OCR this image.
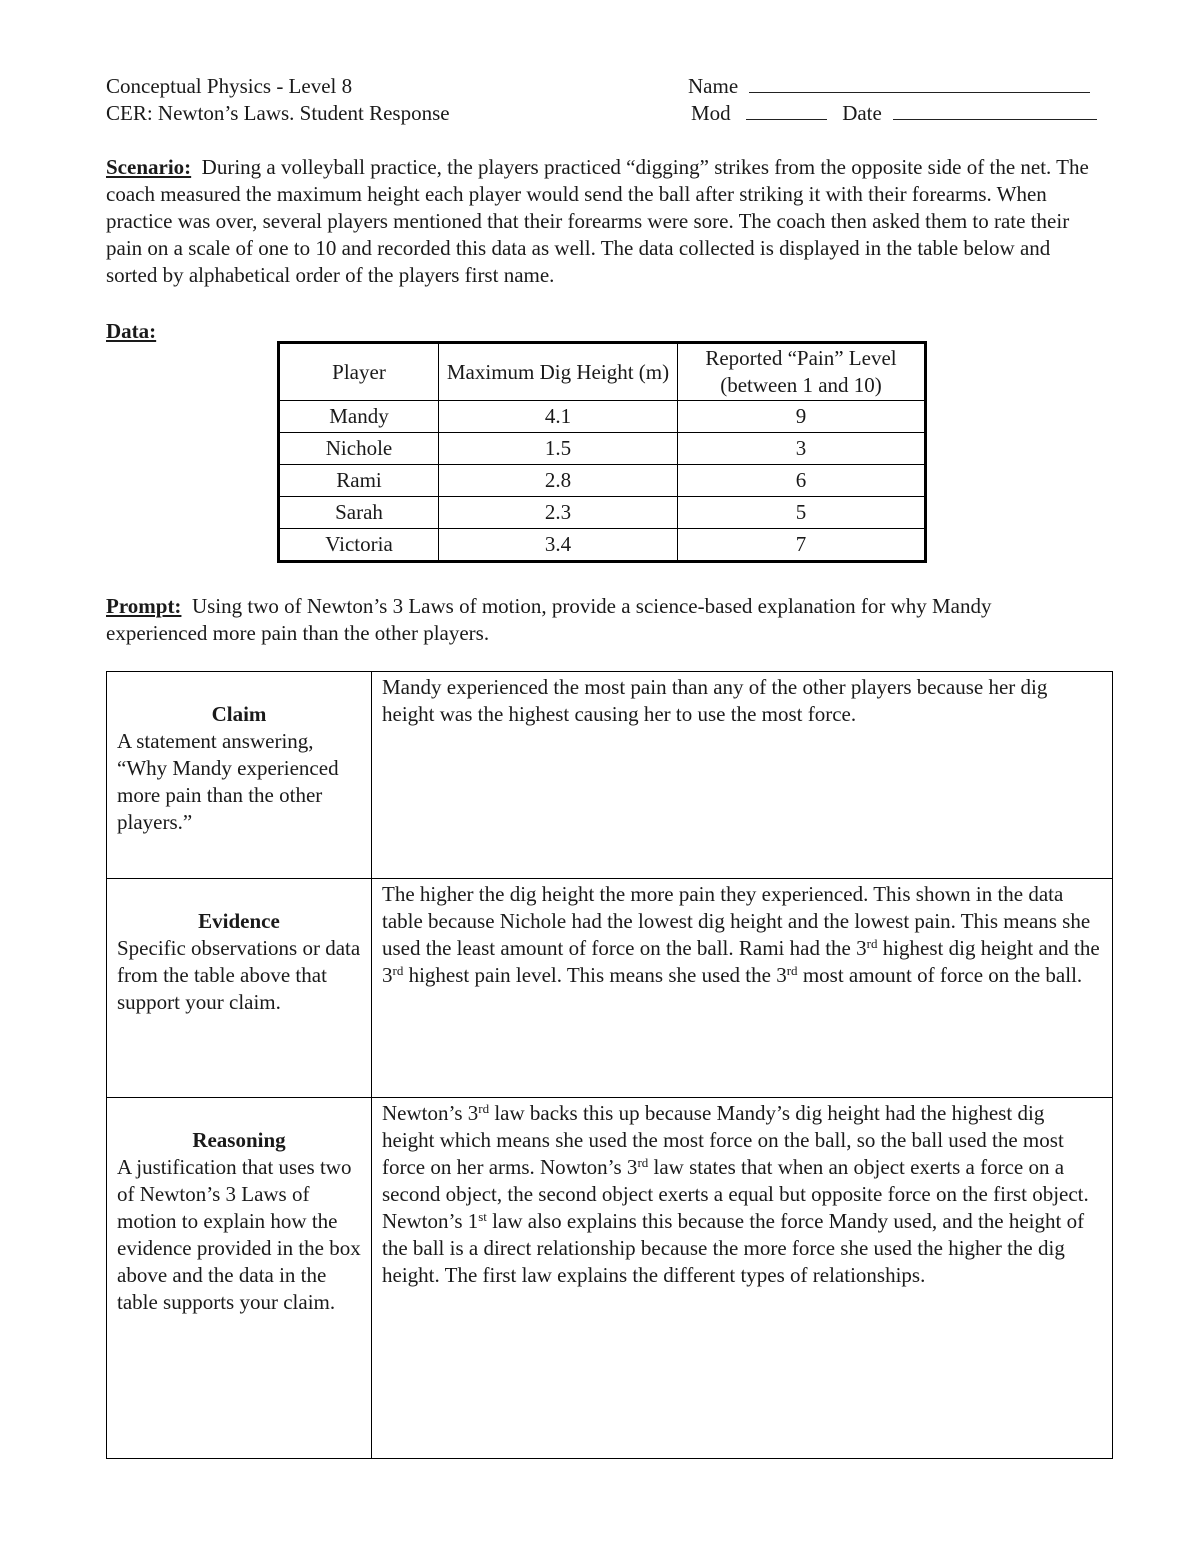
Conceptual Physics - Level 8
CER: Newton’s Laws. Student Response
Name
Mod	Date
Scenario: During a volleyball practice, the players practiced “digging” strikes from the opposite side of the net. The coach measured the maximum height each player would send the ball after striking it with their forearms. When practice was over, several players mentioned that their forearms were sore. The coach then asked them to rate their pain on a scale of one to 10 and recorded this data as well. The data collected is displayed in the table below and sorted by alphabetical order of the players first name.
Data:
Player	Maximum Dig Height (m)	Reported “Pain” Level (between 1 and 10)
Mandy	4.1	9
Nichole	1.5	3
Rami	2.8	6
Sarah	2.3	5
Victoria	3.4	7
Prompt: Using two of Newton’s 3 Laws of motion, provide a science-based explanation for why Mandy experienced more pain than the other players.
Claim
A statement answering, “Why Mandy experienced more pain than the other players.”	Mandy experienced the most pain than any of the other players because her dig height was the highest causing her to use the most force.

Evidence
Specific observations or data from the table above that support your claim.	The higher the dig height the more pain they experienced. This shown in the data table because Nichole had the lowest dig height and the lowest pain. This means she used the least amount of force on the ball. Rami had the 3rd highest dig height and the 3rd highest pain level. This means she used the 3rd most amount of force on the ball.

Reasoning
A justification that uses two of Newton’s 3 Laws of motion to explain how the evidence provided in the box above and the data in the table supports your claim.	Newton’s 3rd law backs this up because Mandy’s dig height had the highest dig height which means she used the most force on the ball, so the ball used the most force on her arms. Nowton’s 3rd law states that when an object exerts a force on a second object, the second object exerts a equal but opposite force on the first object. Newton’s 1st law also explains this because the force Mandy used, and the height of the ball is a direct relationship because the more force she used the higher the dig height. The first law explains the different types of relationships.
